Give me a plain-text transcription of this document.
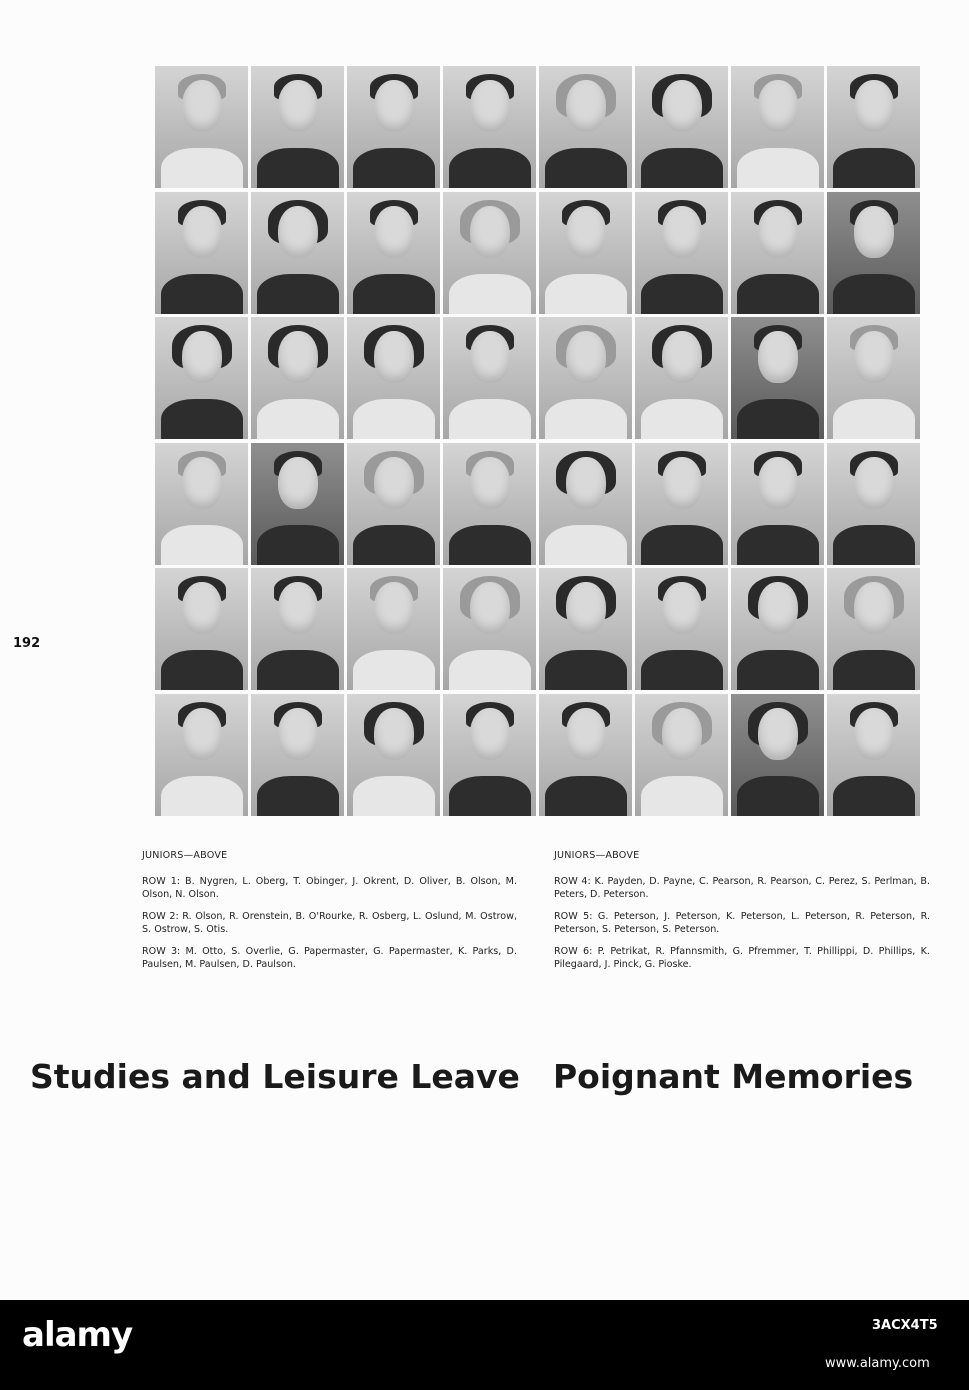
192

JUNIORS—ABOVE

ROW 1: B. Nygren, L. Oberg, T. Obinger, J. Okrent, D. Oliver, B. Olson, M. Olson, N. Olson.

ROW 2: R. Olson, R. Orenstein, B. O'Rourke, R. Osberg, L. Oslund, M. Ostrow, S. Ostrow, S. Otis.

ROW 3: M. Otto, S. Overlie, G. Papermaster, G. Papermaster, K. Parks, D. Paulsen, M. Paulsen, D. Paulson.

JUNIORS—ABOVE

ROW 4: K. Payden, D. Payne, C. Pearson, R. Pearson, C. Perez, S. Perlman, B. Peters, D. Peterson.

ROW 5: G. Peterson, J. Peterson, K. Peterson, L. Peterson, R. Peterson, R. Peterson, S. Peterson, S. Peterson.

ROW 6: P. Petrikat, R. Pfannsmith, G. Pfremmer, T. Phillippi, D. Phillips, K. Pilegaard, J. Pinck, G. Pioske.

Studies and Leisure Leave Poignant Memories
alamy	3ACX4T5
www.alamy.com
